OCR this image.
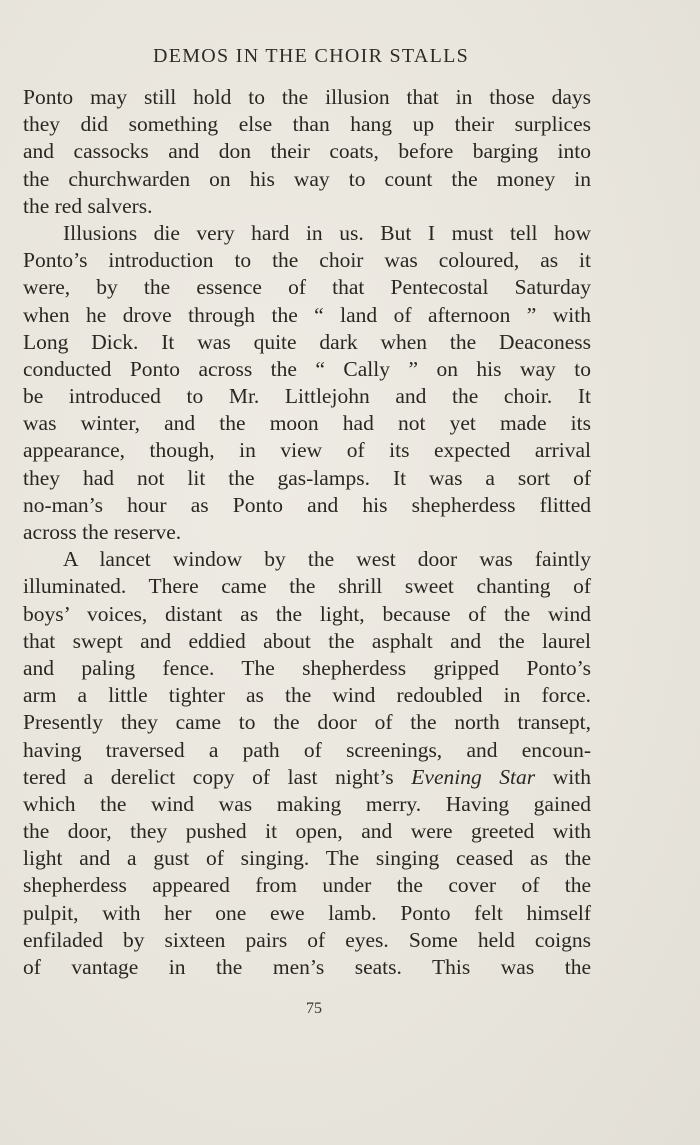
DEMOS IN THE CHOIR STALLS
Ponto may still hold to the illusion that in those days
they did something else than hang up their surplices
and cassocks and don their coats, before barging into
the churchwarden on his way to count the money in
the red salvers.
Illusions die very hard in us. But I must tell how
Ponto’s introduction to the choir was coloured, as it
were, by the essence of that Pentecostal Saturday
when he drove through the “ land of afternoon ” with
Long Dick. It was quite dark when the Deaconess
conducted Ponto across the “ Cally ” on his way to
be introduced to Mr. Littlejohn and the choir. It
was winter, and the moon had not yet made its
appearance, though, in view of its expected arrival
they had not lit the gas-lamps. It was a sort of
no-man’s hour as Ponto and his shepherdess flitted
across the reserve.
A lancet window by the west door was faintly
illuminated. There came the shrill sweet chanting of
boys’ voices, distant as the light, because of the wind
that swept and eddied about the asphalt and the laurel
and paling fence. The shepherdess gripped Ponto’s
arm a little tighter as the wind redoubled in force.
Presently they came to the door of the north transept,
having traversed a path of screenings, and encoun-
tered a derelict copy of last night’s Evening Star with
which the wind was making merry. Having gained
the door, they pushed it open, and were greeted with
light and a gust of singing. The singing ceased as the
shepherdess appeared from under the cover of the
pulpit, with her one ewe lamb. Ponto felt himself
enfiladed by sixteen pairs of eyes. Some held coigns
of vantage in the men’s seats. This was the
75
